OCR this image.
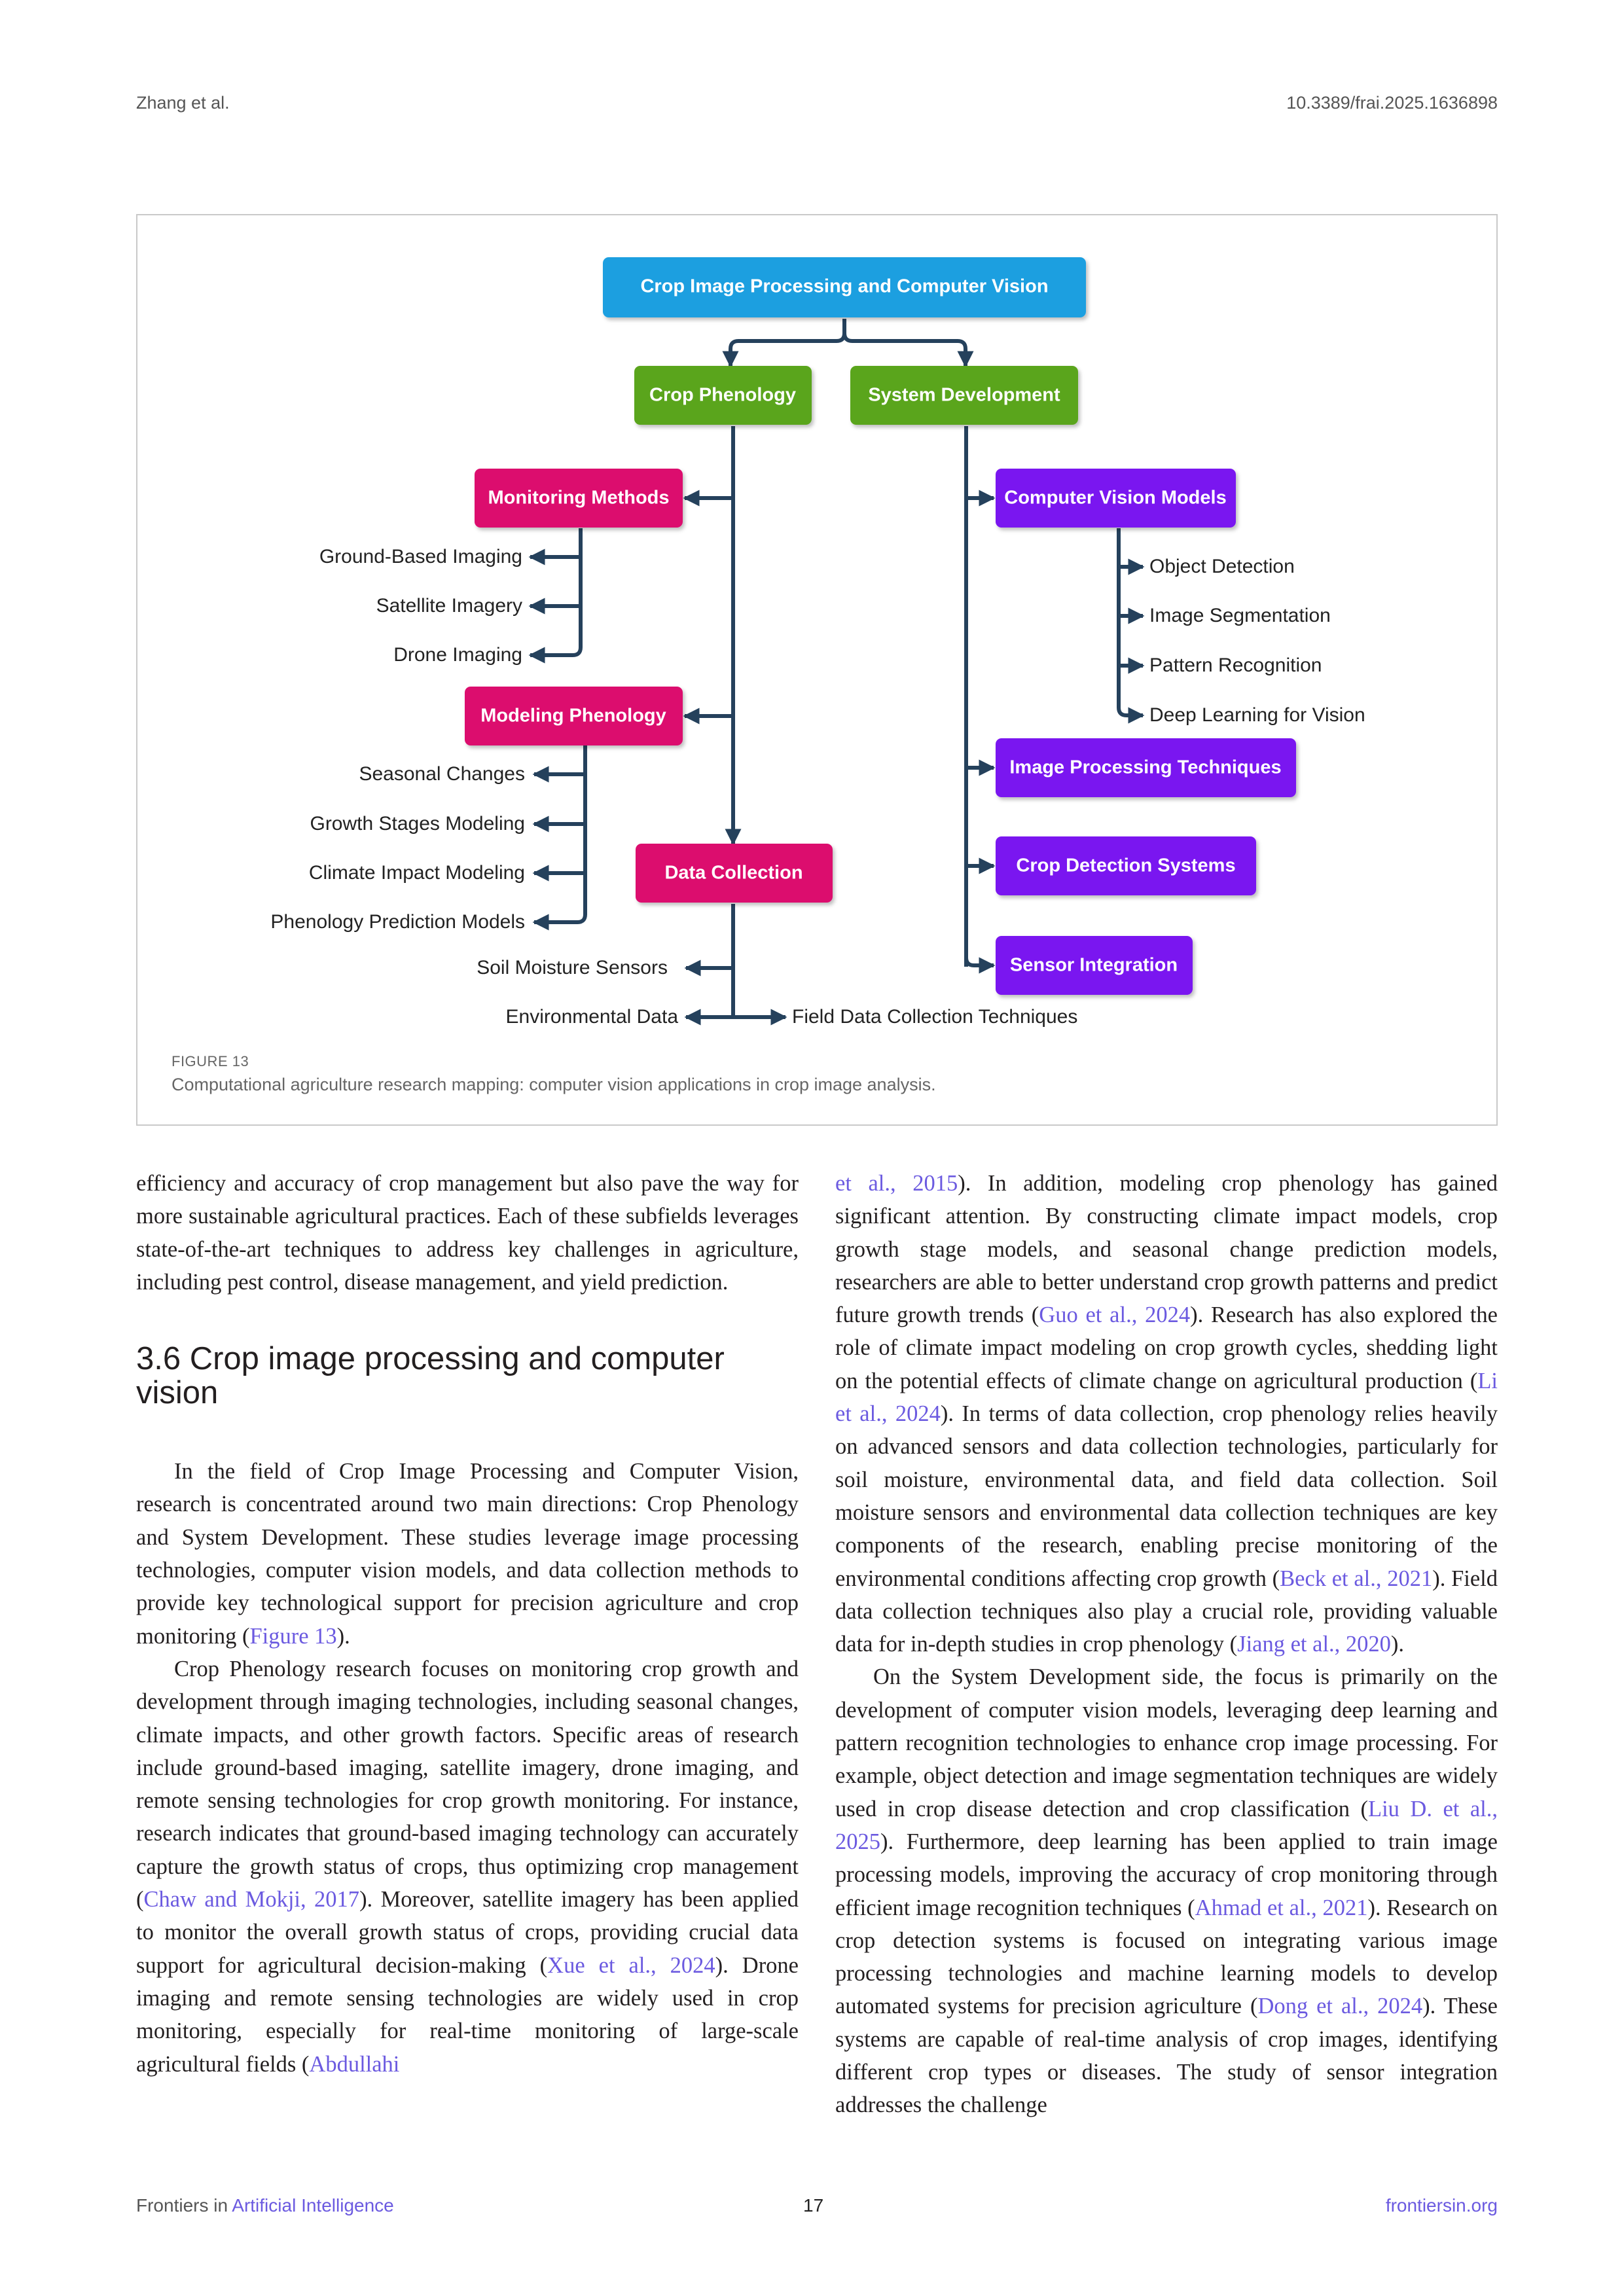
Zhang et al.	10.3389/frai.2025.1636898
Crop Image Processing and Computer Vision
Crop Phenology	System Development
Monitoring Methods
Modeling Phenology
Data Collection
Computer Vision Models
Image Processing Techniques
Crop Detection Systems
Sensor Integration
Ground-Based Imaging
Satellite Imagery
Drone Imaging
Seasonal Changes
Growth Stages Modeling
Climate Impact Modeling
Phenology Prediction Models
Soil Moisture Sensors
Environmental Data	Field Data Collection Techniques
Object Detection
Image Segmentation
Pattern Recognition
Deep Learning for Vision
FIGURE 13
Computational agriculture research mapping: computer vision applications in crop image analysis.

efficiency and accuracy of crop management but also pave the way for more sustainable agricultural practices. Each of these subfields leverages state-of-the-art techniques to address key challenges in agriculture, including pest control, disease management, and yield prediction.

3.6 Crop image processing and computer vision

In the field of Crop Image Processing and Computer Vision, research is concentrated around two main directions: Crop Phenology and System Development. These studies leverage image processing technologies, computer vision models, and data collection methods to provide key technological support for precision agriculture and crop monitoring (Figure 13).

Crop Phenology research focuses on monitoring crop growth and development through imaging technologies, including seasonal changes, climate impacts, and other growth factors. Specific areas of research include ground-based imaging, satellite imagery, drone imaging, and remote sensing technologies for crop growth monitoring. For instance, research indicates that ground-based imaging technology can accurately capture the growth status of crops, thus optimizing crop management (Chaw and Mokji, 2017). Moreover, satellite imagery has been applied to monitor the overall growth status of crops, providing crucial data support for agricultural decision-making (Xue et al., 2024). Drone imaging and remote sensing technologies are widely used in crop monitoring, especially for real-time monitoring of large-scale agricultural fields (Abdullahi

et al., 2015). In addition, modeling crop phenology has gained significant attention. By constructing climate impact models, crop growth stage models, and seasonal change prediction models, researchers are able to better understand crop growth patterns and predict future growth trends (Guo et al., 2024). Research has also explored the role of climate impact modeling on crop growth cycles, shedding light on the potential effects of climate change on agricultural production (Li et al., 2024). In terms of data collection, crop phenology relies heavily on advanced sensors and data collection technologies, particularly for soil moisture, environmental data, and field data collection. Soil moisture sensors and environmental data collection techniques are key components of the research, enabling precise monitoring of the environmental conditions affecting crop growth (Beck et al., 2021). Field data collection techniques also play a crucial role, providing valuable data for in-depth studies in crop phenology (Jiang et al., 2020).

On the System Development side, the focus is primarily on the development of computer vision models, leveraging deep learning and pattern recognition technologies to enhance crop image processing. For example, object detection and image segmentation techniques are widely used in crop disease detection and crop classification (Liu D. et al., 2025). Furthermore, deep learning has been applied to train image processing models, improving the accuracy of crop monitoring through efficient image recognition techniques (Ahmad et al., 2021). Research on crop detection systems is focused on integrating various image processing technologies and machine learning models to develop automated systems for precision agriculture (Dong et al., 2024). These systems are capable of real-time analysis of crop images, identifying different crop types or diseases. The study of sensor integration addresses the challenge

Frontiers in Artificial Intelligence	17	frontiersin.org
